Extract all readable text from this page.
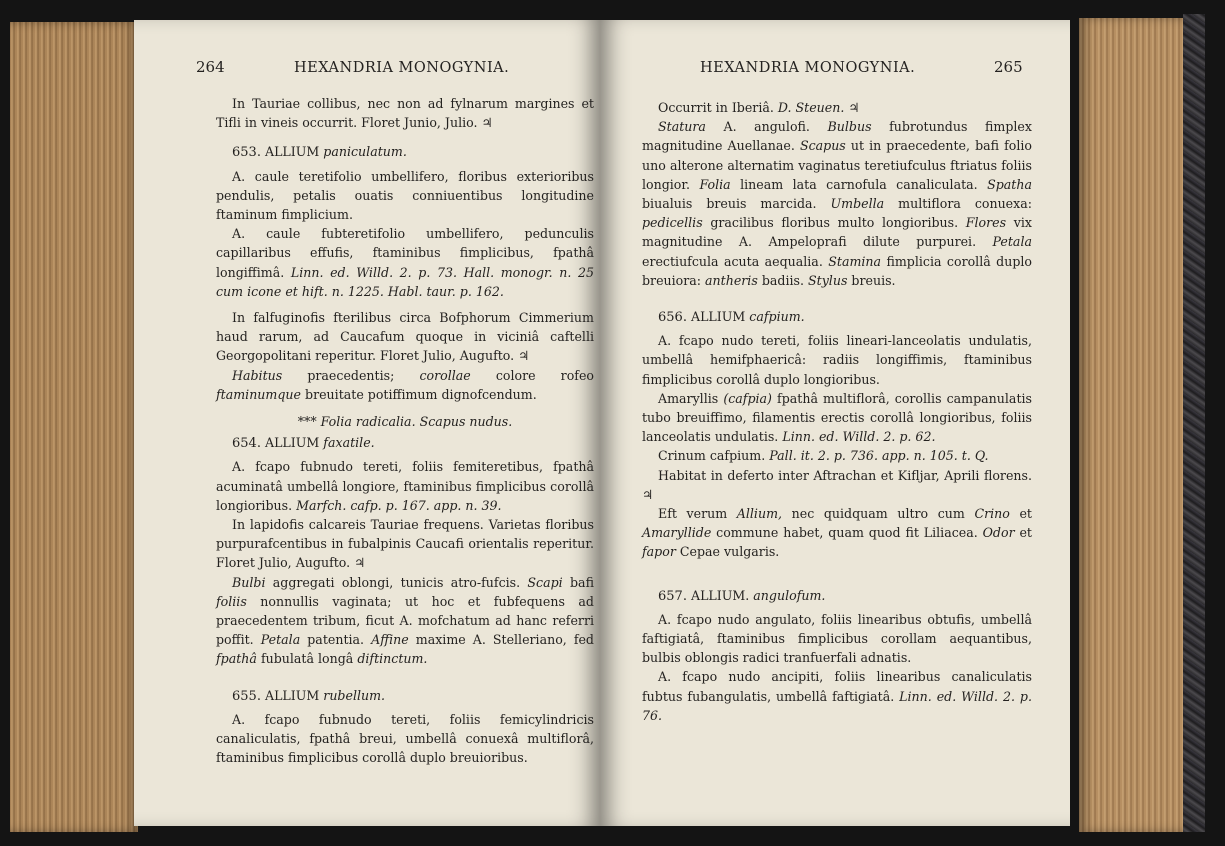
264	HEXANDRIA MONOGYNIA.

In Tauriae collibus, nec non ad fylnarum margines et Tifli in vineis occurrit. Floret Junio, Julio. ♃

653. ALLIUM paniculatum.

A. caule teretifolio umbellifero, floribus exterioribus pendulis, petalis ouatis conniuentibus longitudine ftaminum fimplicium.

A. caule fubteretifolio umbellifero, pedunculis capillaribus effufis, ftaminibus fimplicibus, fpathâ longiffimâ. Linn. ed. Willd. 2. p. 73. Hall. monogr. n. 25 cum icone et hift. n. 1225. Habl. taur. p. 162.

In falfuginofis fterilibus circa Bofphorum Cimmerium haud rarum, ad Caucafum quoque in viciniâ caftelli Georgopolitani reperitur. Floret Julio, Augufto. ♃

Habitus praecedentis; corollae colore rofeo ftaminumque breuitate potiffimum dignofcendum.

*** Folia radicalia. Scapus nudus.

654. ALLIUM faxatile.

A. fcapo fubnudo tereti, foliis femiteretibus, fpathâ acuminatâ umbellâ longiore, ftaminibus fimplicibus corollâ longioribus. Marfch. cafp. p. 167. app. n. 39.

In lapidofis calcareis Tauriae frequens. Varietas floribus purpurafcentibus in fubalpinis Caucafi orientalis reperitur. Floret Julio, Augufto. ♃

Bulbi aggregati oblongi, tunicis atro-fufcis. Scapi bafi foliis nonnullis vaginata; ut hoc et fubfequens ad praecedentem tribum, ficut A. mofchatum ad hanc referri poffit. Petala patentia. Affine maxime A. Stelleriano, fed fpathâ fubulatâ longâ diftinctum.

655. ALLIUM rubellum.

A. fcapo fubnudo tereti, foliis femicylindricis canaliculatis, fpathâ breui, umbellâ conuexâ multiflorâ, ftaminibus fimplicibus corollâ duplo breuioribus.

HEXANDRIA MONOGYNIA.	265

Occurrit in Iberiâ. D. Steuen. ♃

Statura A. angulofi. Bulbus fubrotundus fimplex magnitudine Auellanae. Scapus ut in praecedente, bafi folio uno alterone alternatim vaginatus teretiufculus ftriatus foliis longior. Folia lineam lata carnofula canaliculata. Spatha biualuis breuis marcida. Umbella multiflora conuexa: pedicellis gracilibus floribus multo longioribus. Flores vix magnitudine A. Ampeloprafi dilute purpurei. Petala erectiufcula acuta aequalia. Stamina fimplicia corollâ duplo breuiora: antheris badiis. Stylus breuis.

656. ALLIUM cafpium.

A. fcapo nudo tereti, foliis lineari-lanceolatis undulatis, umbellâ hemifphaericâ: radiis longiffimis, ftaminibus fimplicibus corollâ duplo longioribus.

Amaryllis (cafpia) fpathâ multiflorâ, corollis campanulatis tubo breuiffimo, filamentis erectis corollâ longioribus, foliis lanceolatis undulatis. Linn. ed. Willd. 2. p. 62.

Crinum cafpium. Pall. it. 2. p. 736. app. n. 105. t. Q.

Habitat in deferto inter Aftrachan et Kifljar, Aprili florens. ♃

Eft verum Allium, nec quidquam ultro cum Crino et Amaryllide commune habet, quam quod fit Liliacea. Odor et fapor Cepae vulgaris.

657. ALLIUM. angulofum.

A. fcapo nudo angulato, foliis linearibus obtufis, umbellâ faftigiatâ, ftaminibus fimplicibus corollam aequantibus, bulbis oblongis radici tranfuerfali adnatis.

A. fcapo nudo ancipiti, foliis linearibus canaliculatis fubtus fubangulatis, umbellâ faftigiatâ. Linn. ed. Willd. 2. p. 76.
